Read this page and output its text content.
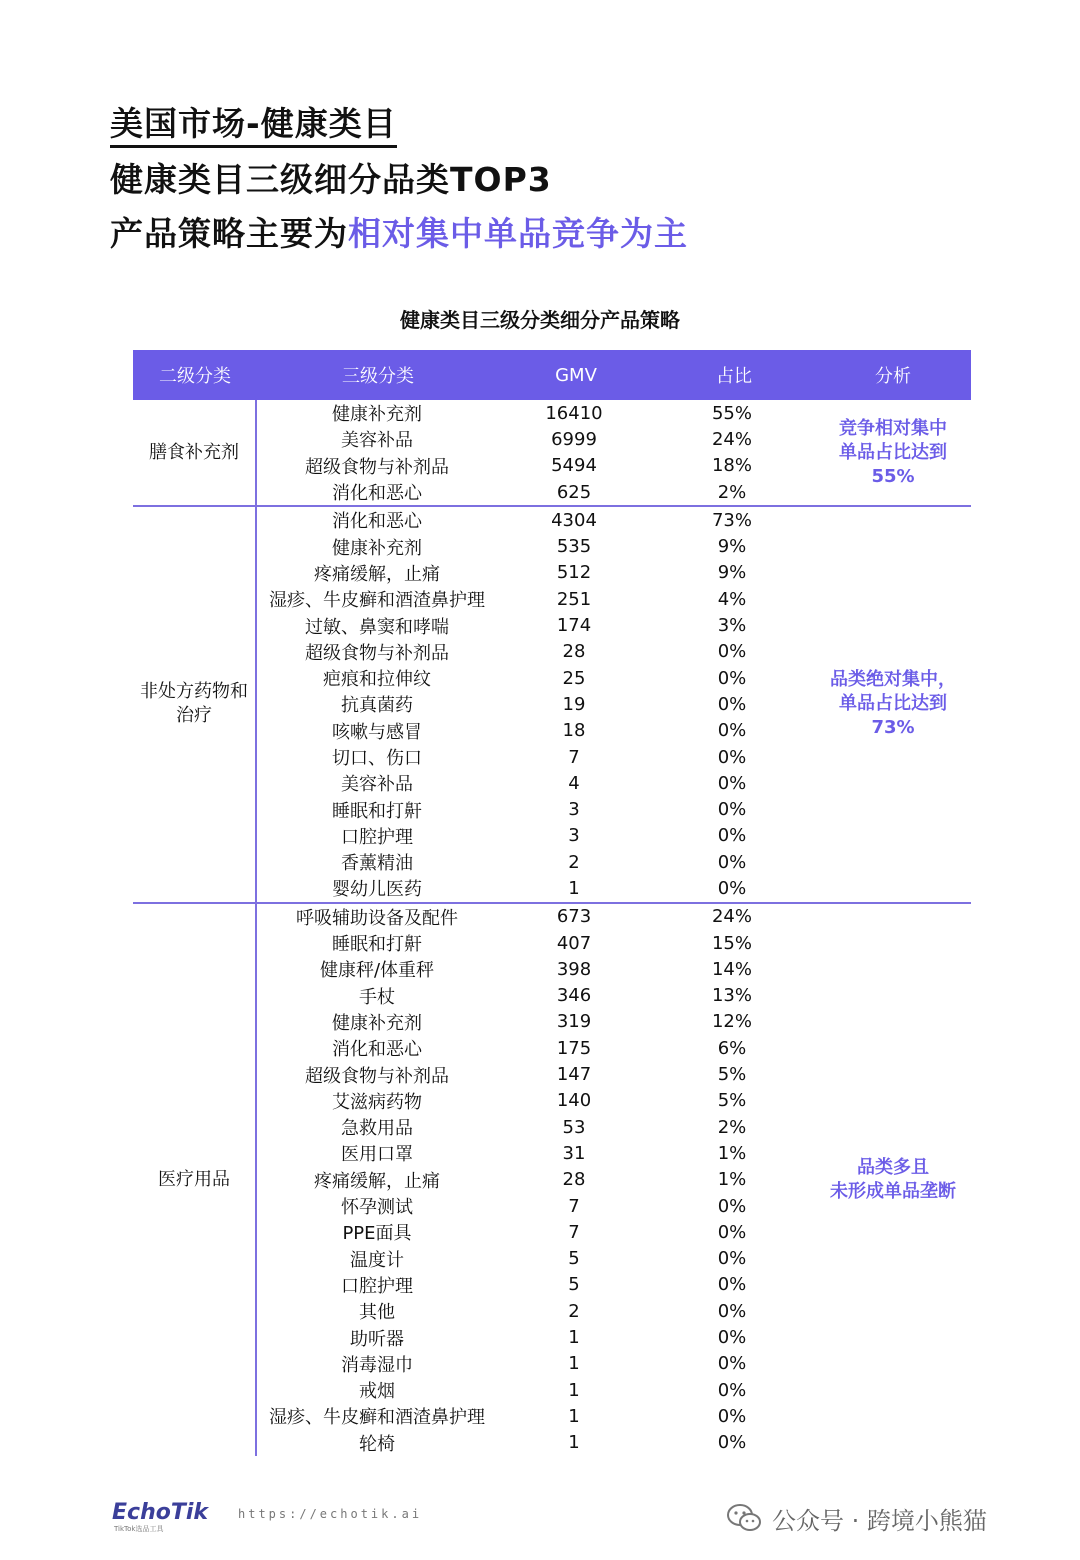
美国市场-健康类目
健康类目三级细分品类TOP3
产品策略主要为相对集中单品竞争为主
健康类目三级分类细分产品策略
二级分类	三级分类	GMV	占比	分析
膳食补充剂
健康补充剂	16410	55%
美容补品	6999	24%
超级食物与补剂品	5494	18%
消化和恶心	625	2%
竞争相对集中
单品占比达到
55%
非处方药物和治疗
消化和恶心	4304	73%
健康补充剂	535	9%
疼痛缓解，止痛	512	9%
湿疹、牛皮癣和酒渣鼻护理	251	4%
过敏、鼻窦和哮喘	174	3%
超级食物与补剂品	28	0%
疤痕和拉伸纹	25	0%
抗真菌药	19	0%
咳嗽与感冒	18	0%
切口、伤口	7	0%
美容补品	4	0%
睡眠和打鼾	3	0%
口腔护理	3	0%
香薰精油	2	0%
婴幼儿医药	1	0%
品类绝对集中，
单品占比达到
73%
医疗用品
呼吸辅助设备及配件	673	24%
睡眠和打鼾	407	15%
健康秤/体重秤	398	14%
手杖	346	13%
健康补充剂	319	12%
消化和恶心	175	6%
超级食物与补剂品	147	5%
艾滋病药物	140	5%
急救用品	53	2%
医用口罩	31	1%
疼痛缓解，止痛	28	1%
怀孕测试	7	0%
PPE面具	7	0%
温度计	5	0%
口腔护理	5	0%
其他	2	0%
助听器	1	0%
消毒湿巾	1	0%
戒烟	1	0%
湿疹、牛皮癣和酒渣鼻护理	1	0%
轮椅	1	0%
品类多且
未形成单品垄断
EchoTik
TikTok选品工具
https://echotik.ai	公众号 · 跨境小熊猫
